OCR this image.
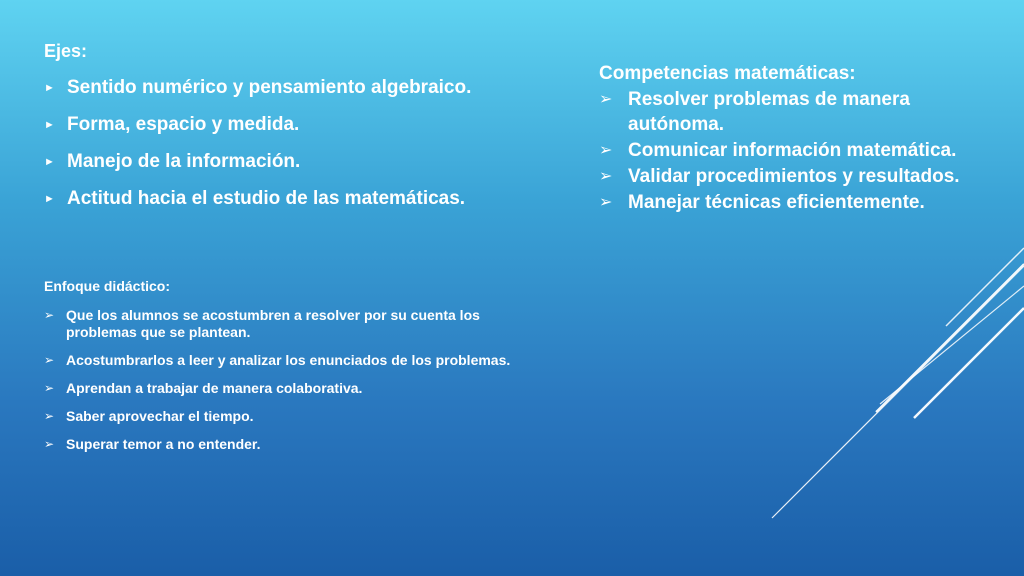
Ejes:

► Sentido numérico y pensamiento algebraico.
► Forma, espacio y medida.
► Manejo de la información.
► Actitud hacia el estudio de las matemáticas.

Enfoque didáctico:

➢ Que los alumnos se acostumbren a resolver por su cuenta los problemas que se plantean.
➢ Acostumbrarlos a leer y analizar los enunciados de los problemas.
➢ Aprendan a trabajar de manera colaborativa.
➢ Saber aprovechar el tiempo.
➢ Superar temor a no entender.

Competencias matemáticas:

➢ Resolver problemas de manera autónoma.
➢ Comunicar información matemática.
➢ Validar procedimientos y resultados.
➢ Manejar técnicas eficientemente.
